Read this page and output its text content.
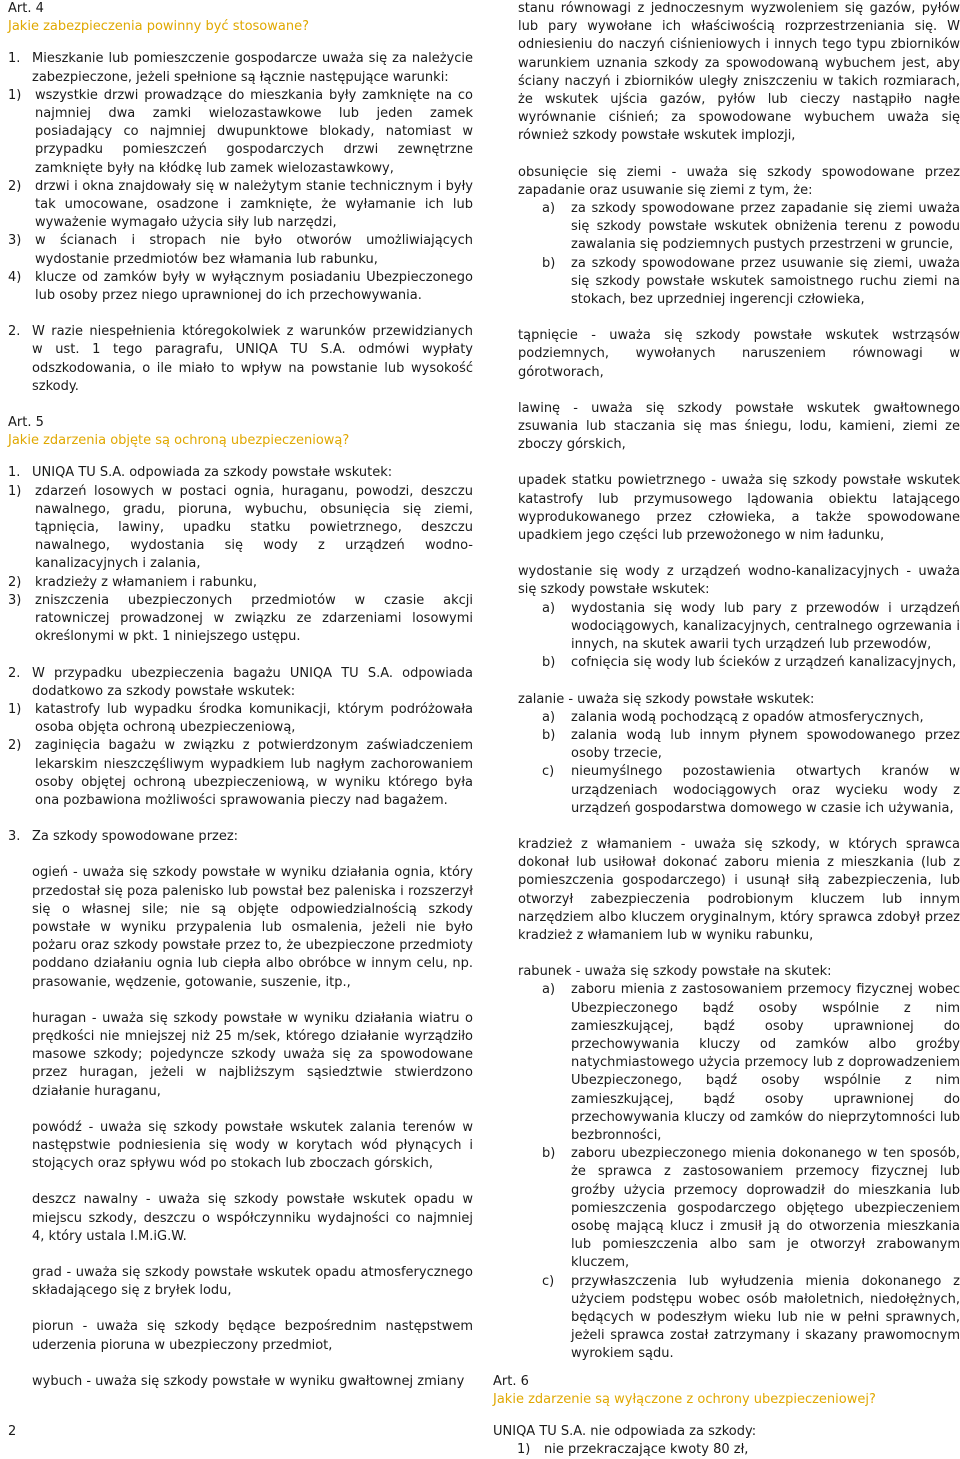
Art. 4

Jakie zabezpieczenia powinny być stosowane?

1. Mieszkanie lub pomieszczenie gospodarcze uważa się za należycie zabezpieczone, jeżeli spełnione są łącznie następujące warunki:
1)	wszystkie drzwi prowadzące do mieszkania były zamknięte na co najmniej dwa zamki wielozastawkowe lub jeden zamek posiadający co najmniej dwupunktowe blokady, natomiast w przypadku pomieszczeń gospodarczych drzwi zewnętrzne zamknięte były na kłódkę lub zamek wielozastawkowy,
2)	drzwi i okna znajdowały się w należytym stanie technicznym i były tak umocowane, osadzone i zamknięte, że wyłamanie ich lub wyważenie wymagało użycia siły lub narzędzi,
3)	w ścianach i stropach nie było otworów umożliwiających wydostanie przedmiotów bez włamania lub rabunku,
4)	klucze od zamków były w wyłącznym posiadaniu Ubezpieczonego lub osoby przez niego uprawnionej do ich przechowywania.
2. W razie niespełnienia któregokolwiek z warunków przewidzianych w ust. 1 tego paragrafu, UNIQA TU S.A. odmówi wypłaty odszkodowania, o ile miało to wpływ na powstanie lub wysokość szkody.

Art. 5

Jakie zdarzenia objęte są ochroną ubezpieczeniową?

1. UNIQA TU S.A. odpowiada za szkody powstałe wskutek:
1)	zdarzeń losowych w postaci ognia, huraganu, powodzi, deszczu nawalnego, gradu, pioruna, wybuchu, obsunięcia się ziemi, tąpnięcia, lawiny, upadku statku powietrznego, deszczu nawalnego, wydostania się wody z urządzeń wodno-kanalizacyjnych i zalania,
2)	kradzieży z włamaniem i rabunku,
3)	zniszczenia ubezpieczonych przedmiotów w czasie akcji ratowniczej prowadzonej w związku ze zdarzeniami losowymi określonymi w pkt. 1 niniejszego ustępu.
2. W przypadku ubezpieczenia bagażu UNIQA TU S.A. odpowiada dodatkowo za szkody powstałe wskutek:
1)	katastrofy lub wypadku środka komunikacji, którym podróżowała osoba objęta ochroną ubezpieczeniową,
2)	zaginięcia bagażu w związku z potwierdzonym zaświadczeniem lekarskim nieszczęśliwym wypadkiem lub nagłym zachorowaniem osoby objętej ochroną ubezpieczeniową, w wyniku którego była ona pozbawiona możliwości sprawowania pieczy nad bagażem.
3. Za szkody spowodowane przez:

ogień - uważa się szkody powstałe w wyniku działania ognia, który przedostał się poza palenisko lub powstał bez paleniska i rozszerzył się o własnej sile; nie są objęte odpowiedzialnością szkody powstałe w wyniku przypalenia lub osmalenia, jeżeli nie było pożaru oraz szkody powstałe przez to, że ubezpieczone przedmioty poddano działaniu ognia lub ciepła albo obróbce w innym celu, np. prasowanie, wędzenie, gotowanie, suszenie, itp.,

huragan - uważa się szkody powstałe w wyniku działania wiatru o prędkości nie mniejszej niż 25 m/sek, którego działanie wyrządziło masowe szkody; pojedyncze szkody uważa się za spowodowane przez huragan, jeżeli w najbliższym sąsiedztwie stwierdzono działanie huraganu,

powódź - uważa się szkody powstałe wskutek zalania terenów w następstwie podniesienia się wody w korytach wód płynących i stojących oraz spływu wód po stokach lub zboczach górskich,

deszcz nawalny - uważa się szkody powstałe wskutek opadu w miejscu szkody, deszczu o współczynniku wydajności co najmniej 4, który ustala I.M.iG.W.

grad - uważa się szkody powstałe wskutek opadu atmosferycznego składającego się z bryłek lodu,

piorun - uważa się szkody będące bezpośrednim następstwem uderzenia pioruna w ubezpieczony przedmiot,

wybuch - uważa się szkody powstałe w wyniku gwałtownej zmiany

stanu równowagi z jednoczesnym wyzwoleniem się gazów, pyłów lub pary wywołane ich właściwością rozprzestrzeniania się. W odniesieniu do naczyń ciśnieniowych i innych tego typu zbiorników warunkiem uznania szkody za spowodowaną wybuchem jest, aby ściany naczyń i zbiorników uległy zniszczeniu w takich rozmiarach, że wskutek ujścia gazów, pyłów lub cieczy nastąpiło nagłe wyrównanie ciśnień; za spowodowane wybuchem uważa się również szkody powstałe wskutek implozji,

obsunięcie się ziemi - uważa się szkody spowodowane przez zapadanie oraz usuwanie się ziemi z tym, że:

a)	za szkody spowodowane przez zapadanie się ziemi uważa się szkody powstałe wskutek obniżenia terenu z powodu zawalania się podziemnych pustych przestrzeni w gruncie,
b)	za szkody spowodowane przez usuwanie się ziemi, uważa się szkody powstałe wskutek samoistnego ruchu ziemi na stokach, bez uprzedniej ingerencji człowieka,

tąpnięcie - uważa się szkody powstałe wskutek wstrząsów podziemnych, wywołanych naruszeniem równowagi w górotworach,

lawinę - uważa się szkody powstałe wskutek gwałtownego zsuwania lub staczania się mas śniegu, lodu, kamieni, ziemi ze zboczy górskich,

upadek statku powietrznego - uważa się szkody powstałe wskutek katastrofy lub przymusowego lądowania obiektu latającego wyprodukowanego przez człowieka, a także spowodowane upadkiem jego części lub przewożonego w nim ładunku,

wydostanie się wody z urządzeń wodno-kanalizacyjnych - uważa się szkody powstałe wskutek:

a)	wydostania się wody lub pary z przewodów i urządzeń wodociągowych, kanalizacyjnych, centralnego ogrzewania i innych, na skutek awarii tych urządzeń lub przewodów,
b)	cofnięcia się wody lub ścieków z urządzeń kanalizacyjnych,

zalanie - uważa się szkody powstałe wskutek:

a)	zalania wodą pochodzącą z opadów atmosferycznych,
b)	zalania wodą lub innym płynem spowodowanego przez osoby trzecie,
c)	nieumyślnego pozostawienia otwartych kranów w urządzeniach wodociągowych oraz wycieku wody z urządzeń gospodarstwa domowego w czasie ich używania,

kradzież z włamaniem - uważa się szkody, w których sprawca dokonał lub usiłował dokonać zaboru mienia z mieszkania (lub z pomieszczenia gospodarczego) i usunął siłą zabezpieczenia, lub otworzył zabezpieczenia podrobionym kluczem lub innym narzędziem albo kluczem oryginalnym, który sprawca zdobył przez kradzież z włamaniem lub w wyniku rabunku,

rabunek - uważa się szkody powstałe na skutek:

a)	zaboru mienia z zastosowaniem przemocy fizycznej wobec Ubezpieczonego bądź osoby wspólnie z nim zamieszkującej, bądź osoby uprawnionej do przechowywania kluczy od zamków albo groźby natychmiastowego użycia przemocy lub z doprowadzeniem Ubezpieczonego, bądź osoby wspólnie z nim zamieszkującej, bądź osoby uprawnionej do przechowywania kluczy od zamków do nieprzytomności lub bezbronności,
b)	zaboru ubezpieczonego mienia dokonanego w ten sposób, że sprawca z zastosowaniem przemocy fizycznej lub groźby użycia przemocy doprowadził do mieszkania lub pomieszczenia gospodarczego objętego ubezpieczeniem osobę mającą klucz i zmusił ją do otworzenia mieszkania lub pomieszczenia albo sam je otworzył zrabowanym kluczem,
c)	przywłaszczenia lub wyłudzenia mienia dokonanego z użyciem podstępu wobec osób małoletnich, niedołężnych, będących w podeszłym wieku lub nie w pełni sprawnych, jeżeli sprawca został zatrzymany i skazany prawomocnym wyrokiem sądu.

Art. 6

Jakie zdarzenie są wyłączone z ochrony ubezpieczeniowej?

UNIQA TU S.A. nie odpowiada za szkody:

1)	nie przekraczające kwoty 80 zł,
2
